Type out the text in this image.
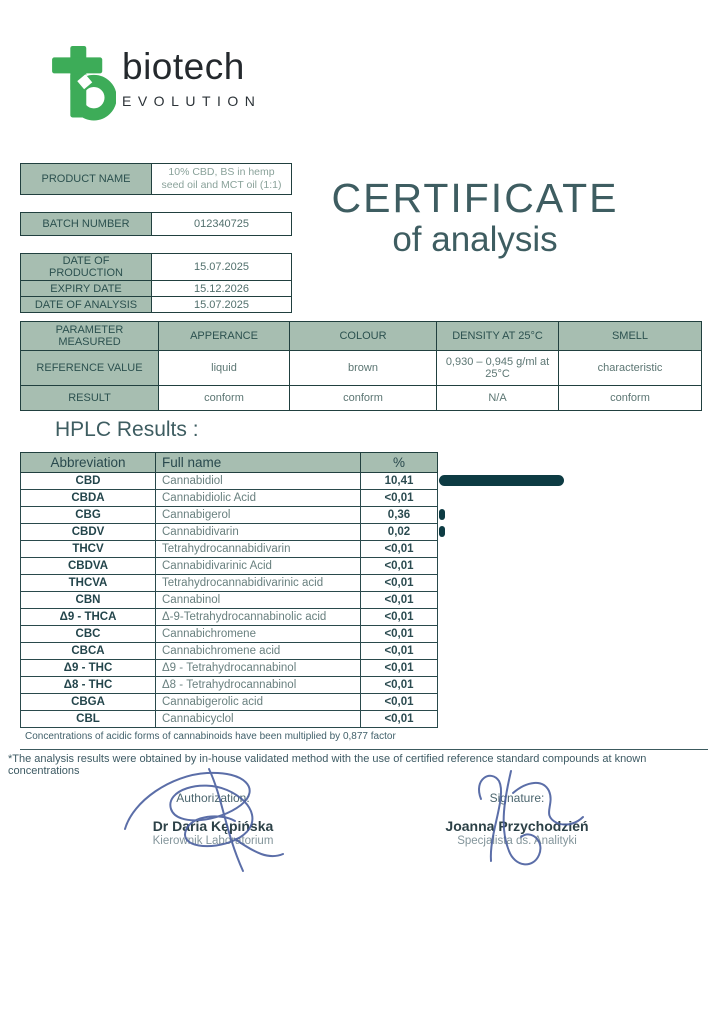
biotech
EVOLUTION
PRODUCT NAME	10% CBD, BS in hemp seed oil and MCT oil (1:1)
BATCH NUMBER	012340725
DATE OF PRODUCTION	15.07.2025
EXPIRY DATE	15.12.2026
DATE OF ANALYSIS	15.07.2025
CERTIFICATE
of analysis
PARAMETER MEASURED	APPERANCE	COLOUR	DENSITY AT 25°C	SMELL
REFERENCE VALUE	liquid	brown	0,930 – 0,945 g/ml at 25°C	characteristic
RESULT	conform	conform	N/A	conform
HPLC Results :
Abbreviation	Full name	%
CBD	Cannabidiol	10,41
CBDA	Cannabidiolic Acid	<0,01
CBG	Cannabigerol	0,36
CBDV	Cannabidivarin	0,02
THCV	Tetrahydrocannabidivarin	<0,01
CBDVA	Cannabidivarinic Acid	<0,01
THCVA	Tetrahydrocannabidivarinic acid	<0,01
CBN	Cannabinol	<0,01
Δ9 - THCA	Δ-9-Tetrahydrocannabinolic acid	<0,01
CBC	Cannabichromene	<0,01
CBCA	Cannabichromene acid	<0,01
Δ9 - THC	Δ9 - Tetrahydrocannabinol	<0,01
Δ8 - THC	Δ8 - Tetrahydrocannabinol	<0,01
CBGA	Cannabigerolic acid	<0,01
CBL	Cannabicyclol	<0,01

Concentrations of acidic forms of cannabinoids have been multiplied by 0,877 factor

*The analysis results were obtained by in-house validated method with the use of certified reference standard compounds at known concentrations

Authorization:
Dr Daria Kępińska
Kierownik Laboratorium
Signature:
Joanna Przychodzień
Specjalista ds. Analityki
